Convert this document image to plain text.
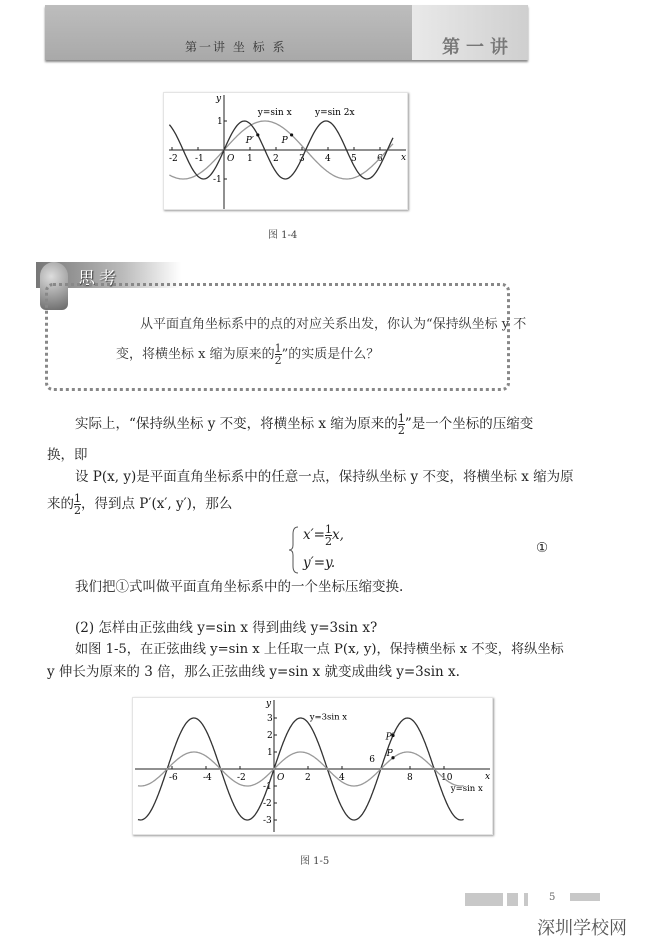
第一讲
第一讲 坐 标 系
x
y
O
-2 -1	1 2 3 4 5 6
1
-1
P′	P
y=sin x	y=sin 2x
图 1-4
思考
从平面直角坐标系中的点的对应关系出发，你认为“保持纵坐标 y 不
变，将横坐标 x 缩为原来的 $\frac{1}{2}$ ”的实质是什么？
实际上，“保持纵坐标 y 不变，将横坐标 x 缩为原来的 $\frac{1}{2}$ ”是一个坐标的压缩变
换，即
设 P(x, y)是平面直角坐标系中的任意一点，保持纵坐标 y 不变，将横坐标 x 缩为原
来的 $\frac{1}{2}$ ，得到点 P′(x′, y′)，那么
$x'= \frac{1}{2} x$,
y′=y.
①
我们把①式叫做平面直角坐标系中的一个坐标压缩变换.
(2) 怎样由正弦曲线 y=sin x 得到曲线 y=3sin x?
如图 1-5，在正弦曲线 y=sin x 上任取一点 P(x, y)，保持横坐标 x 不变，将纵坐标
y 伸长为原来的 3 倍，那么正弦曲线 y=sin x 就变成曲线 y=3sin x.
x
y
O
-6	-4	-2	2	4	8	10
3
2
1
-1
-2
-3
P′
P
6
y=3sin x
y=sin x
图 1-5
5
深圳学校网
